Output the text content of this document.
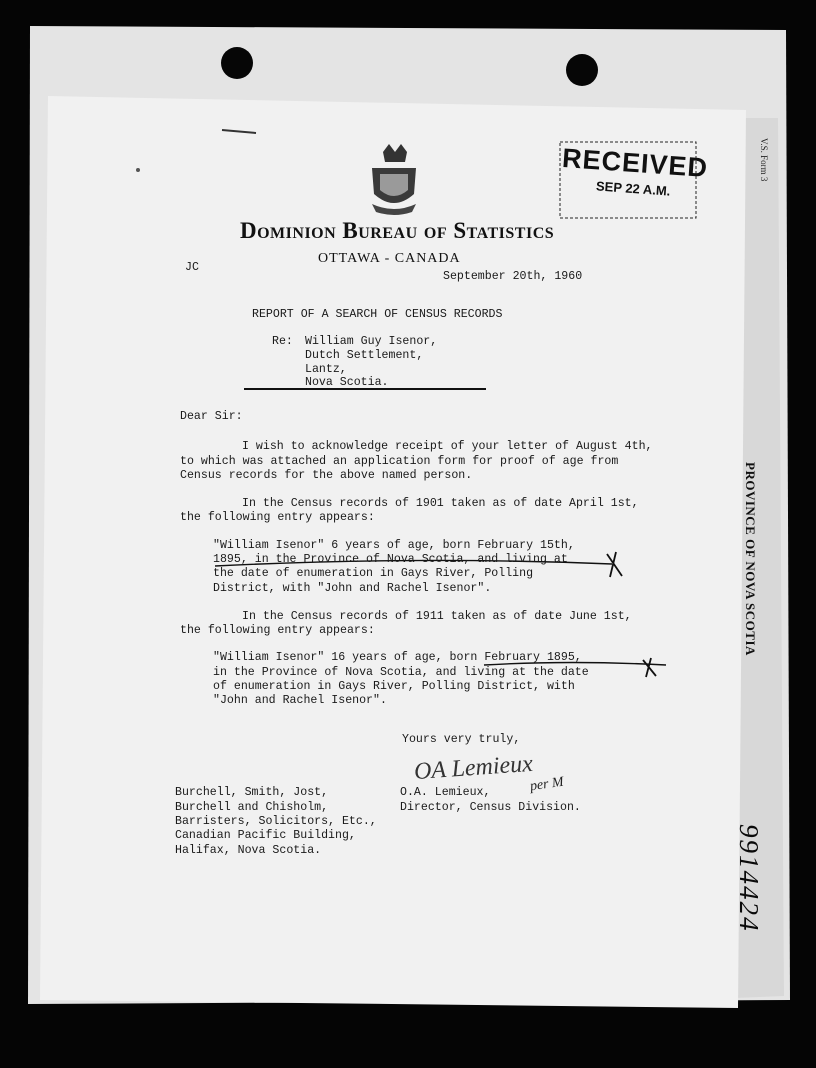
V.S. Form 3
PROVINCE OF NOVA SCOTIA
9914424
RECEIVED
SEP 22 A.M.
Dominion Bureau of Statistics
OTTAWA - CANADA
JC
September 20th, 1960
REPORT OF A SEARCH OF CENSUS RECORDS
Re: William Guy Isenor,
Dutch Settlement,
Lantz,
Nova Scotia.
Dear Sir:
I wish to acknowledge receipt of your letter of August 4th,
to which was attached an application form for proof of age from
Census records for the above named person.
In the Census records of 1901 taken as of date April 1st,
the following entry appears:
"William Isenor" 6 years of age, born February 15th,
1895, in the Province of Nova Scotia, and living at
the date of enumeration in Gays River, Polling
District, with "John and Rachel Isenor".
In the Census records of 1911 taken as of date June 1st,
the following entry appears:
"William Isenor" 16 years of age, born February 1895,
in the Province of Nova Scotia, and living at the date
of enumeration in Gays River, Polling District, with
"John and Rachel Isenor".
Yours very truly,
OA Lemieux
per M
O.A. Lemieux,
Director, Census Division.
Burchell, Smith, Jost,
Burchell and Chisholm,
Barristers, Solicitors, Etc.,
Canadian Pacific Building,
Halifax, Nova Scotia.
